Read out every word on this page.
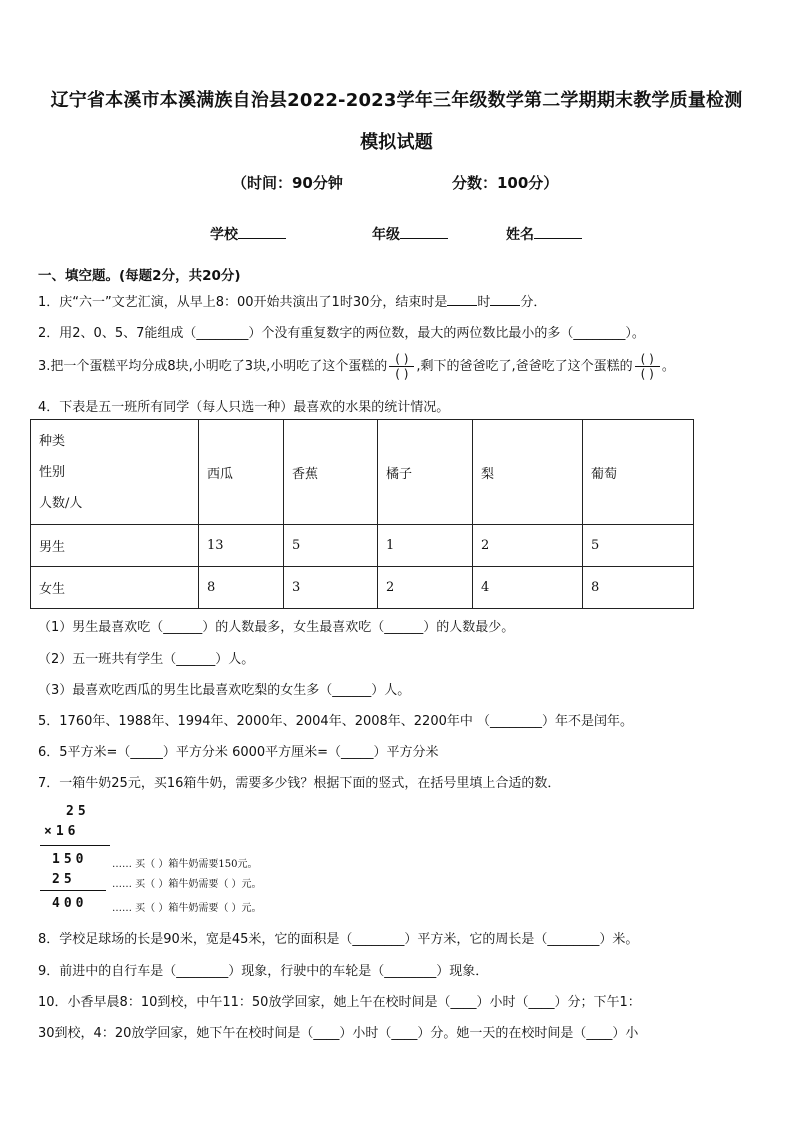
辽宁省本溪市本溪满族自治县2022-2023学年三年级数学第二学期期末教学质量检测
模拟试题
（时间：90分钟	分数：100分）
学校	年级	姓名
一、填空题。(每题2分，共20分)
1．庆“六一”文艺汇演，从早上8：00开始共演出了1时30分，结束时是 时 分．
2．用2、0、5、7能组成（________）个没有重复数字的两位数，最大的两位数比最小的多（________）。
3.把一个蛋糕平均分成8块,小明吃了3块,小明吃了这个蛋糕的 $\frac{( )}{( )}$ ,剩下的爸爸吃了,爸爸吃了这个蛋糕的 $\frac{( )}{( )}$ 。
4．下表是五一班所有同学（每人只选一种）最喜欢的水果的统计情况。
种类
性别
人数/人	西瓜	香蕉	橘子	梨	葡萄
男生	13	5	1	2	5
女生	8	3	2	4	8
（1）男生最喜欢吃（______）的人数最多，女生最喜欢吃（______）的人数最少。
（2）五一班共有学生（______）人。
（3）最喜欢吃西瓜的男生比最喜欢吃梨的女生多（______）人。
5．1760年、1988年、1994年、2000年、2004年、2008年、2200年中 （________）年不是闰年。
6．5平方米=（_____）平方分米 6000平方厘米=（_____）平方分米
7．一箱牛奶25元，买16箱牛奶，需要多少钱？根据下面的竖式，在括号里填上合适的数．
25
×16
150 …… 买（ ）箱牛奶需要150元。
25	…… 买（ ）箱牛奶需要（ ）元。
400 …… 买（ ）箱牛奶需要（ ）元。
8．学校足球场的长是90米，宽是45米，它的面积是（________）平方米，它的周长是（________）米。
9．前进中的自行车是（________）现象，行驶中的车轮是（________）现象．
10．小香早晨8：10到校，中午11：50放学回家，她上午在校时间是（____）小时（____）分；下午1：
30到校，4：20放学回家，她下午在校时间是（____）小时（____）分。她一天的在校时间是（____）小
